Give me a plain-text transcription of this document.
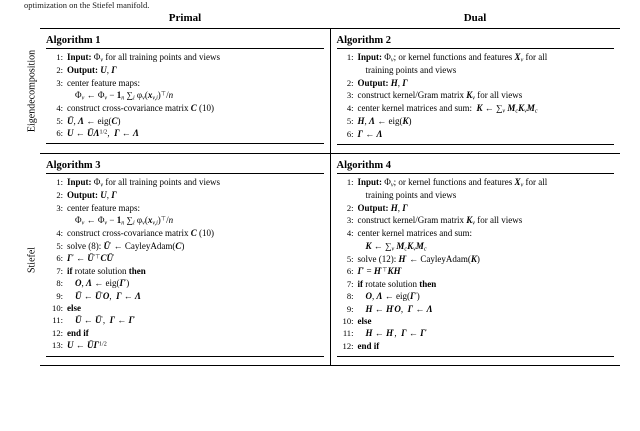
optimization on the Stiefel manifold.
Primal	Dual
Eigendecomposition
Algorithm 1
1: Input: $\Phi_v$ for all training points and views
2: Output: U, Γ
3: center feature maps:
$\Phi_v$ ← $\Phi_v - 1_n$ $\sum_i$ $\varphi_v(x_{v,i})^⊤/n$
4: construct cross-covariance matrix C (10)
5: Ū, Λ ← eig(C)
6: U ← $Ū\Lambda^{1/2}$,  Γ ← Λ
Algorithm 2
1: Input: $\Phi_v$; or kernel functions and features $X_v$ for all
training points and views
2: Output: H, Γ
3: construct kernel/Gram matrix $K_v$ for all views
4: center kernel matrices and sum:  K ← $\sum_v$ $M_cK_vM_c$
5: H, Λ ← eig(K)
6: Γ ← Λ
Stiefel
Algorithm 3
1: Input: $\Phi_v$ for all training points and views
2: Output: U, Γ
3: center feature maps:
$\Phi_v$ ← $\Phi_v - 1_n$ $\sum_i$ $\varphi_v(x_{v,i})^⊤/n$
4: construct cross-covariance matrix C (10)
5: solve (8): Ū′ ← CayleyAdam(C)
6: Γ′ ← Ū′⊤CŪ′
7: if rotate solution then
8:	O, Λ ← eig(Γ′)
9:	Ū ← Ū′O,  Γ ← Λ
10: else
11:	Ū ← Ū′,  Γ ← Γ′
12: end if
13: U ← $Ū\Gamma^{1/2}$
Algorithm 4
1: Input: $\Phi_v$; or kernel functions and features $X_v$ for all
training points and views
2: Output: H, Γ
3: construct kernel/Gram matrix $K_v$ for all views
4: center kernel matrices and sum:
K ← $\sum_v$ $M_cK_vM_c$
5: solve (12): H′ ← CayleyAdam(K)
6: Γ′ = H′⊤KH′
7: if rotate solution then
8:	O, Λ ← eig(Γ′)
9:	H ← H′O,  Γ ← Λ
10: else
11:	H ← H′,  Γ ← Γ′
12: end if
